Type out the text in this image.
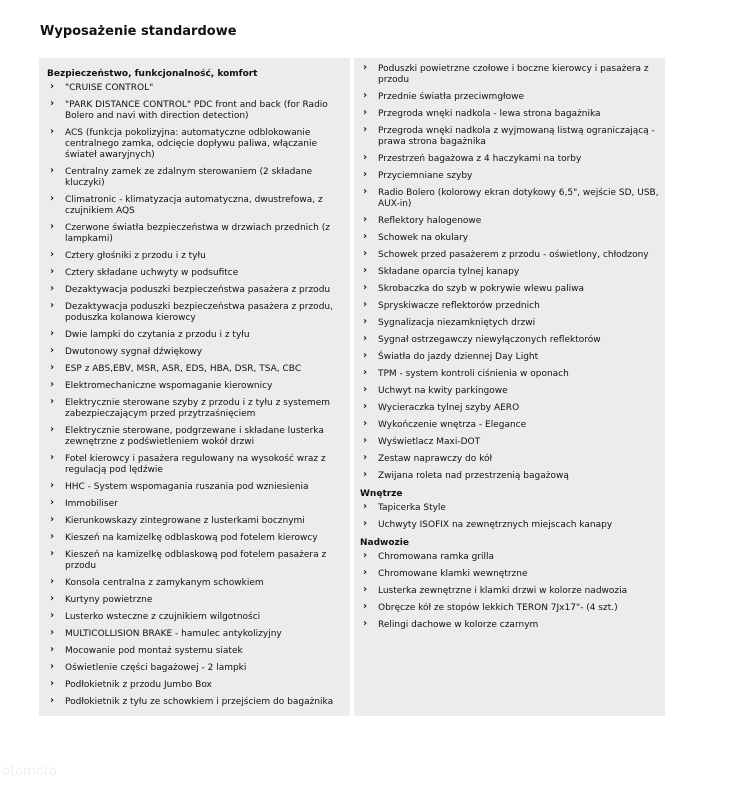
Wyposażenie standardowe
Bezpieczeństwo, funkcjonalność, komfort
› "CRUISE CONTROL"
› "PARK DISTANCE CONTROL" PDC front and back (for Radio Bolero and navi with direction detection)
› ACS (funkcja pokolizyjna: automatyczne odblokowanie centralnego zamka, odcięcie dopływu paliwa, włączanie świateł awaryjnych)
› Centralny zamek ze zdalnym sterowaniem (2 składane kluczyki)
› Climatronic - klimatyzacja automatyczna, dwustrefowa, z czujnikiem AQS
› Czerwone światła bezpieczeństwa w drzwiach przednich (z lampkami)
› Cztery głośniki z przodu i z tyłu
› Cztery składane uchwyty w podsufitce
› Dezaktywacja poduszki bezpieczeństwa pasażera z przodu
› Dezaktywacja poduszki bezpieczeństwa pasażera z przodu, poduszka kolanowa kierowcy
› Dwie lampki do czytania z przodu i z tyłu
› Dwutonowy sygnał dźwiękowy
› ESP z ABS,EBV, MSR, ASR, EDS, HBA, DSR, TSA, CBC
› Elektromechaniczne wspomaganie kierownicy
› Elektrycznie sterowane szyby z przodu i z tyłu z systemem zabezpieczającym przed przytrzaśnięciem
› Elektrycznie sterowane, podgrzewane i składane lusterka zewnętrzne z podświetleniem wokół drzwi
› Fotel kierowcy i pasażera regulowany na wysokość wraz z regulacją pod lędźwie
› HHC - System wspomagania ruszania pod wzniesienia
› Immobiliser
› Kierunkowskazy zintegrowane z lusterkami bocznymi
› Kieszeń na kamizelkę odblaskową pod fotelem kierowcy
› Kieszeń na kamizelkę odblaskową pod fotelem pasażera z przodu
› Konsola centralna z zamykanym schowkiem
› Kurtyny powietrzne
› Lusterko wsteczne z czujnikiem wilgotności
› MULTICOLLISION BRAKE - hamulec antykolizyjny
› Mocowanie pod montaż systemu siatek
› Oświetlenie części bagażowej - 2 lampki
› Podłokietnik z przodu Jumbo Box
› Podłokietnik z tyłu ze schowkiem i przejściem do bagażnika
› Poduszki powietrzne czołowe i boczne kierowcy i pasażera z przodu
› Przednie światła przeciwmgłowe
› Przegroda wnęki nadkola - lewa strona bagażnika
› Przegroda wnęki nadkola z wyjmowaną listwą ograniczającą - prawa strona bagażnika
› Przestrzeń bagażowa z 4 haczykami na torby
› Przyciemniane szyby
› Radio Bolero (kolorowy ekran dotykowy 6,5", wejście SD, USB, AUX-in)
› Reflektory halogenowe
› Schowek na okulary
› Schowek przed pasażerem z przodu - oświetlony, chłodzony
› Składane oparcia tylnej kanapy
› Skrobaczka do szyb w pokrywie wlewu paliwa
› Spryskiwacze reflektorów przednich
› Sygnalizacja niezamkniętych drzwi
› Sygnał ostrzegawczy niewyłączonych reflektorów
› Światła do jazdy dziennej Day Light
› TPM - system kontroli ciśnienia w oponach
› Uchwyt na kwity parkingowe
› Wycieraczka tylnej szyby AERO
› Wykończenie wnętrza - Elegance
› Wyświetlacz Maxi-DOT
› Zestaw naprawczy do kół
› Zwijana roleta nad przestrzenią bagażową
Wnętrze
› Tapicerka Style
› Uchwyty ISOFIX na zewnętrznych miejscach kanapy
Nadwozie
› Chromowana ramka grilla
› Chromowane klamki wewnętrzne
› Lusterka zewnętrzne i klamki drzwi w kolorze nadwozia
› Obręcze kół ze stopów lekkich TERON 7Jx17"- (4 szt.)
› Relingi dachowe w kolorze czarnym
otomoto
